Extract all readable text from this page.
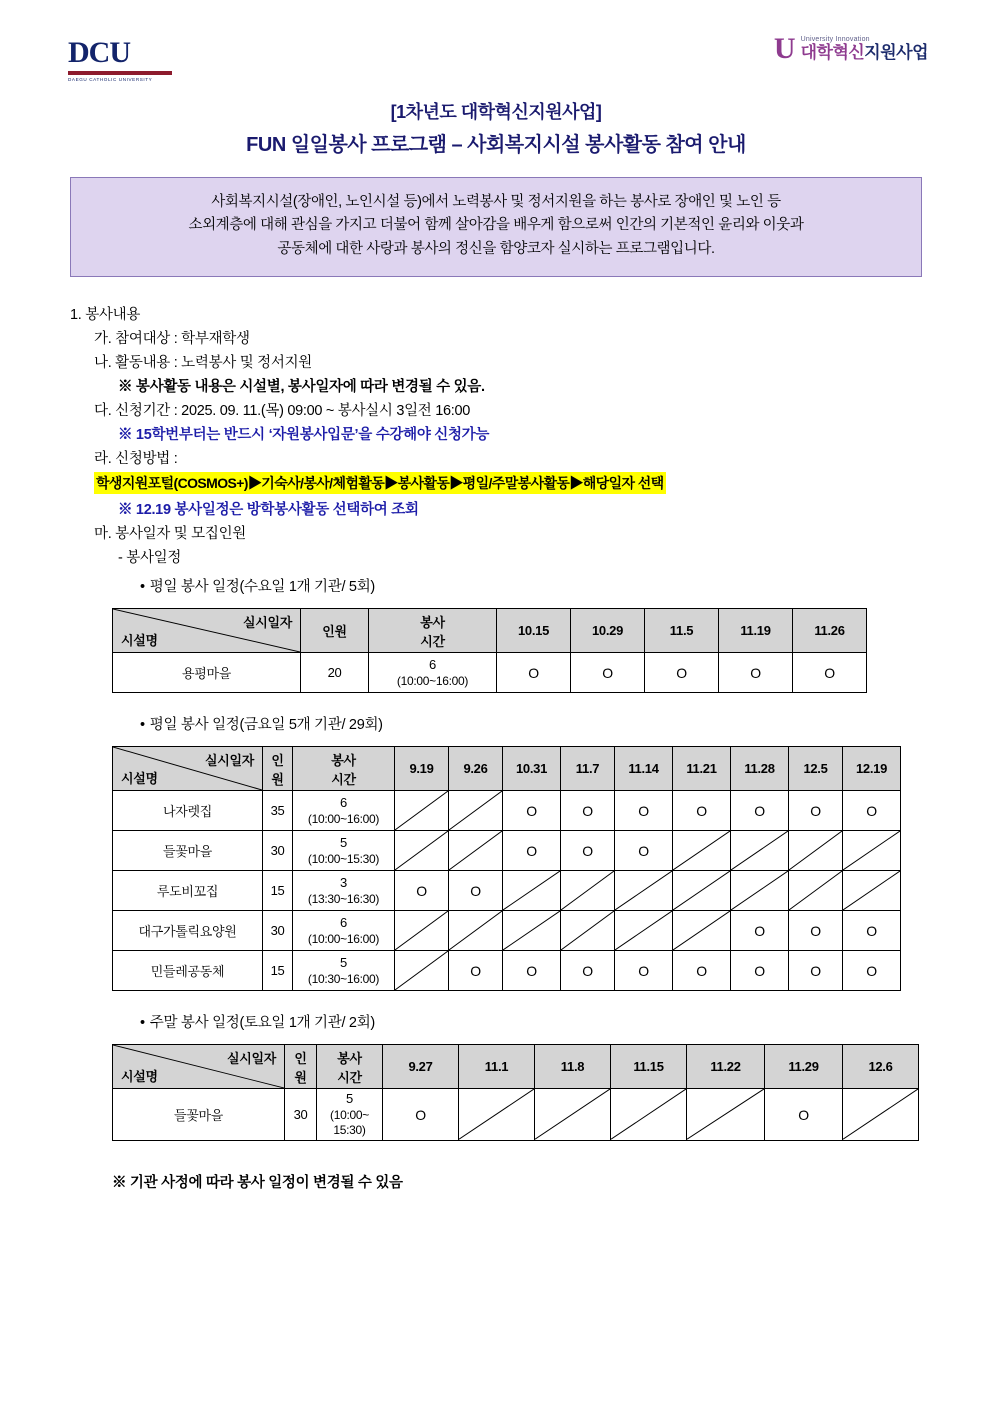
DCU
DAEGU CATHOLIC UNIVERSITY
U University Innovation
대학혁신지원사업
[1차년도 대학혁신지원사업]
FUN 일일봉사 프로그램 – 사회복지시설 봉사활동 참여 안내
사회복지시설(장애인, 노인시설 등)에서 노력봉사 및 정서지원을 하는 봉사로 장애인 및 노인 등
소외계층에 대해 관심을 가지고 더불어 함께 살아감을 배우게 함으로써 인간의 기본적인 윤리와 이웃과
공동체에 대한 사랑과 봉사의 정신을 함양코자 실시하는 프로그램입니다.
1. 봉사내용
가. 참여대상 : 학부재학생
나. 활동내용 : 노력봉사 및 정서지원
※ 봉사활동 내용은 시설별, 봉사일자에 따라 변경될 수 있음.
다. 신청기간 : 2025. 09. 11.(목) 09:00 ~ 봉사실시 3일전 16:00
※ 15학번부터는 반드시 ‘자원봉사입문’을 수강해야 신청가능
라. 신청방법 :
학생지원포털(COSMOS+)▶기숙사/봉사/체험활동▶봉사활동▶평일/주말봉사활동▶해당일자 선택
※ 12.19 봉사일정은 방학봉사활동 선택하여 조회
마. 봉사일자 및 모집인원
- 봉사일정
• 평일 봉사 일정(수요일 1개 기관/ 5회)
실시일자
시설명
	인원	
봉사
시간
	10.15	10.29	11.5	11.19	11.26
용평마을	20	6
(10:00~16:00)	O	O	O	O	O
• 평일 봉사 일정(금요일 5개 기관/ 29회)
실시일자
시설명

인
원

봉사
시간
	9.19	9.26	10.31	11.7	11.14	11.21	11.28	12.5	12.19
나자렛집	35	6
(10:00~16:00)			O	O	O	O	O	O	O
들꽃마을	30	5
(10:00~15:30)			O	O	O	

루도비꼬집	15	3
(13:30~16:30)	O	O	

대구가톨릭요양원	30	6
(10:00~16:00)							O	O	O
민들레공동체	15	5
(10:30~16:00)		O	O	O	O	O	O	O	O
• 주말 봉사 일정(토요일 1개 기관/ 2회)
실시일자
시설명

인
원

봉사
시간
	9.27	11.1	11.8	11.15	11.22	11.29	12.6
들꽃마을	30	5
(10:00~ 15:30)	O					O	
※ 기관 사정에 따라 봉사 일정이 변경될 수 있음
